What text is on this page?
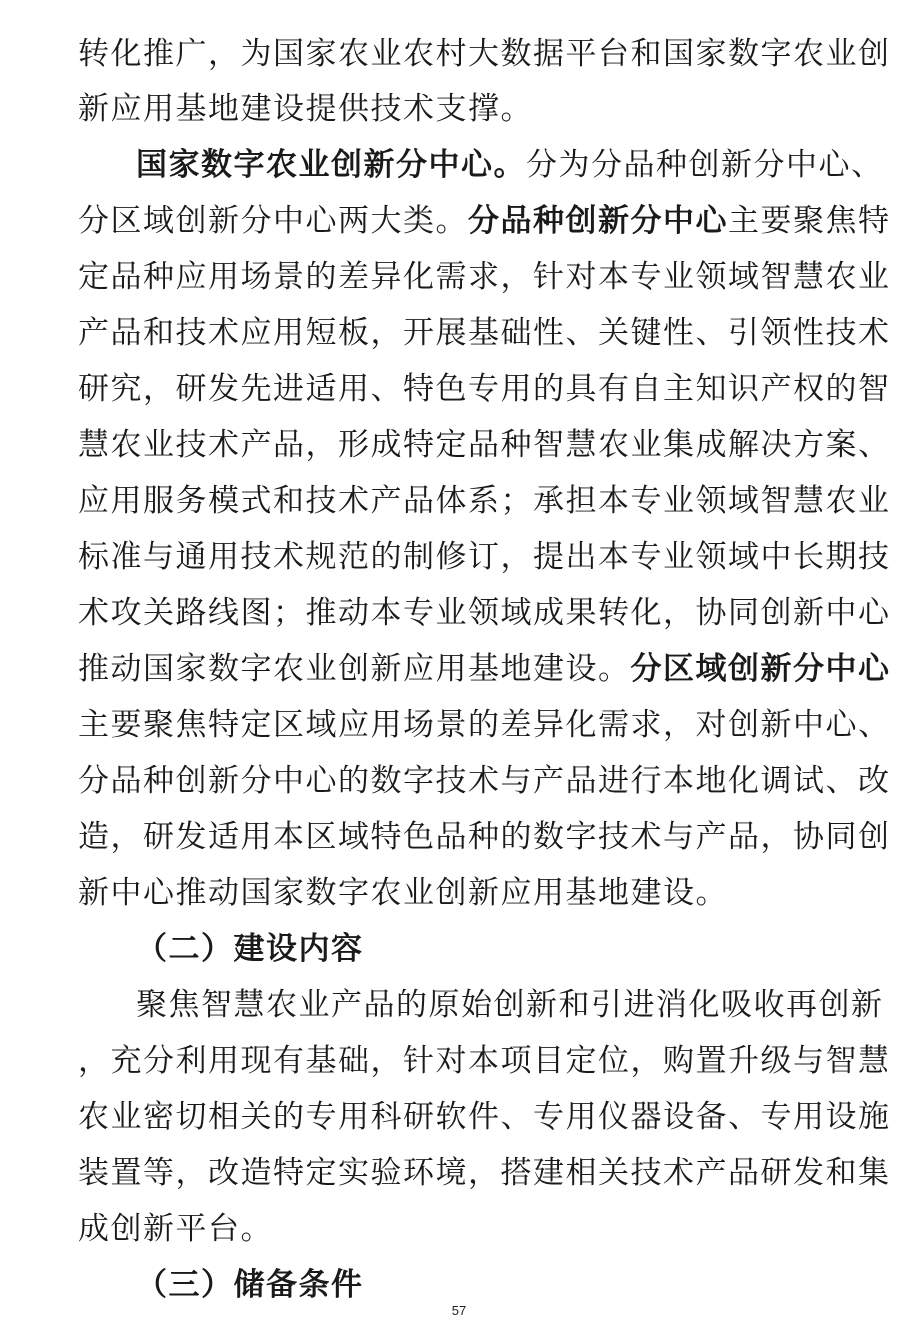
转化推广，为国家农业农村大数据平台和国家数字农业创
新应用基地建设提供技术支撑。
国家数字农业创新分中心。分为分品种创新分中心、
分区域创新分中心两大类。分品种创新分中心主要聚焦特
定品种应用场景的差异化需求，针对本专业领域智慧农业
产品和技术应用短板，开展基础性、关键性、引领性技术
研究，研发先进适用、特色专用的具有自主知识产权的智
慧农业技术产品，形成特定品种智慧农业集成解决方案、
应用服务模式和技术产品体系；承担本专业领域智慧农业
标准与通用技术规范的制修订，提出本专业领域中长期技
术攻关路线图；推动本专业领域成果转化，协同创新中心
推动国家数字农业创新应用基地建设。分区域创新分中心
主要聚焦特定区域应用场景的差异化需求，对创新中心、
分品种创新分中心的数字技术与产品进行本地化调试、改
造，研发适用本区域特色品种的数字技术与产品，协同创
新中心推动国家数字农业创新应用基地建设。
（二）建设内容
聚焦智慧农业产品的原始创新和引进消化吸收再创新
，充分利用现有基础，针对本项目定位，购置升级与智慧
农业密切相关的专用科研软件、专用仪器设备、专用设施
装置等，改造特定实验环境，搭建相关技术产品研发和集
成创新平台。
（三）储备条件
57
